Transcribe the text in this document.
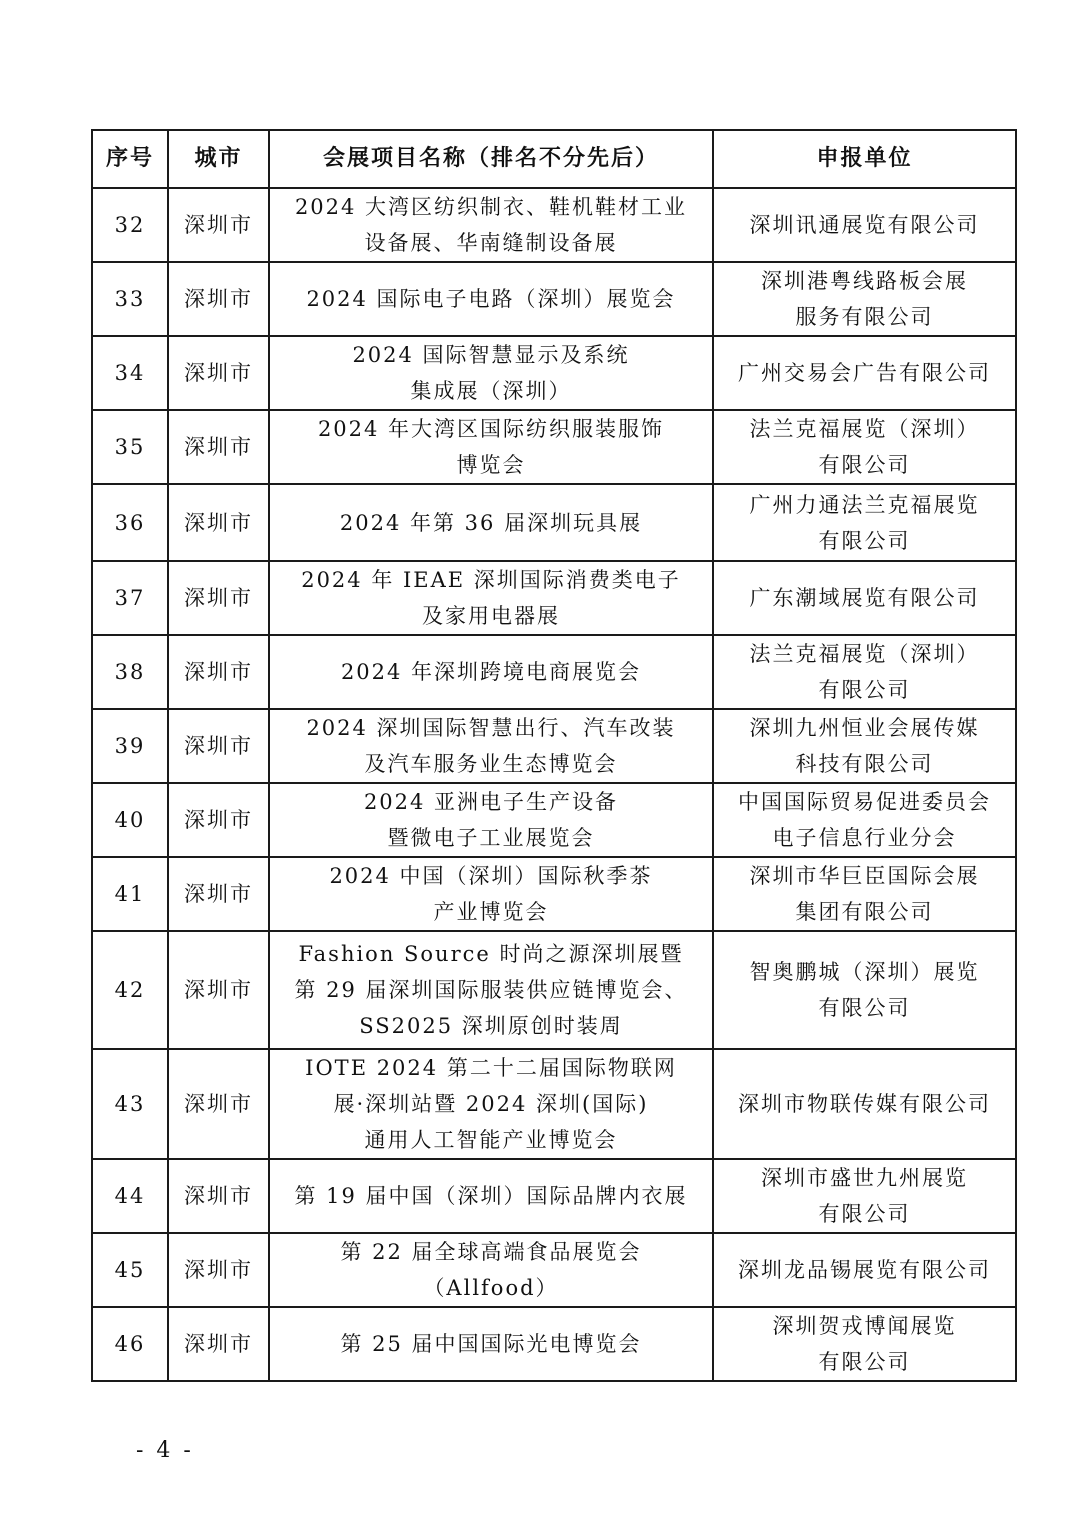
序号	城市	会展项目名称（排名不分先后）	申报单位
32	深圳市	2024 大湾区纺织制衣、鞋机鞋材工业
设备展、华南缝制设备展	深圳讯通展览有限公司

33	深圳市	2024 国际电子电路（深圳）展览会	深圳港粤线路板会展
服务有限公司

34	深圳市	2024 国际智慧显示及系统
集成展（深圳）	广州交易会广告有限公司

35	深圳市	2024 年大湾区国际纺织服装服饰
博览会	法兰克福展览（深圳）
有限公司

36	深圳市	2024 年第 36 届深圳玩具展	广州力通法兰克福展览
有限公司

37	深圳市	2024 年 IEAE 深圳国际消费类电子
及家用电器展	广东潮域展览有限公司

38	深圳市	2024 年深圳跨境电商展览会	法兰克福展览（深圳）
有限公司

39	深圳市	2024 深圳国际智慧出行、汽车改装
及汽车服务业生态博览会	深圳九州恒业会展传媒
科技有限公司

40	深圳市	2024 亚洲电子生产设备
暨微电子工业展览会	中国国际贸易促进委员会
电子信息行业分会

41	深圳市	2024 中国（深圳）国际秋季茶
产业博览会	深圳市华巨臣国际会展
集团有限公司

42	深圳市	Fashion Source 时尚之源深圳展暨
第 29 届深圳国际服装供应链博览会、
SS2025 深圳原创时装周	智奥鹏城（深圳）展览
有限公司

43	深圳市	IOTE 2024 第二十二届国际物联网
展·深圳站暨 2024 深圳(国际)
通用人工智能产业博览会	深圳市物联传媒有限公司

44	深圳市	第 19 届中国（深圳）国际品牌内衣展	深圳市盛世九州展览
有限公司

45	深圳市	第 22 届全球高端食品展览会
（Allfood）	深圳龙品锡展览有限公司

46	深圳市	第 25 届中国国际光电博览会	深圳贺戎博闻展览
有限公司
- 4 -
